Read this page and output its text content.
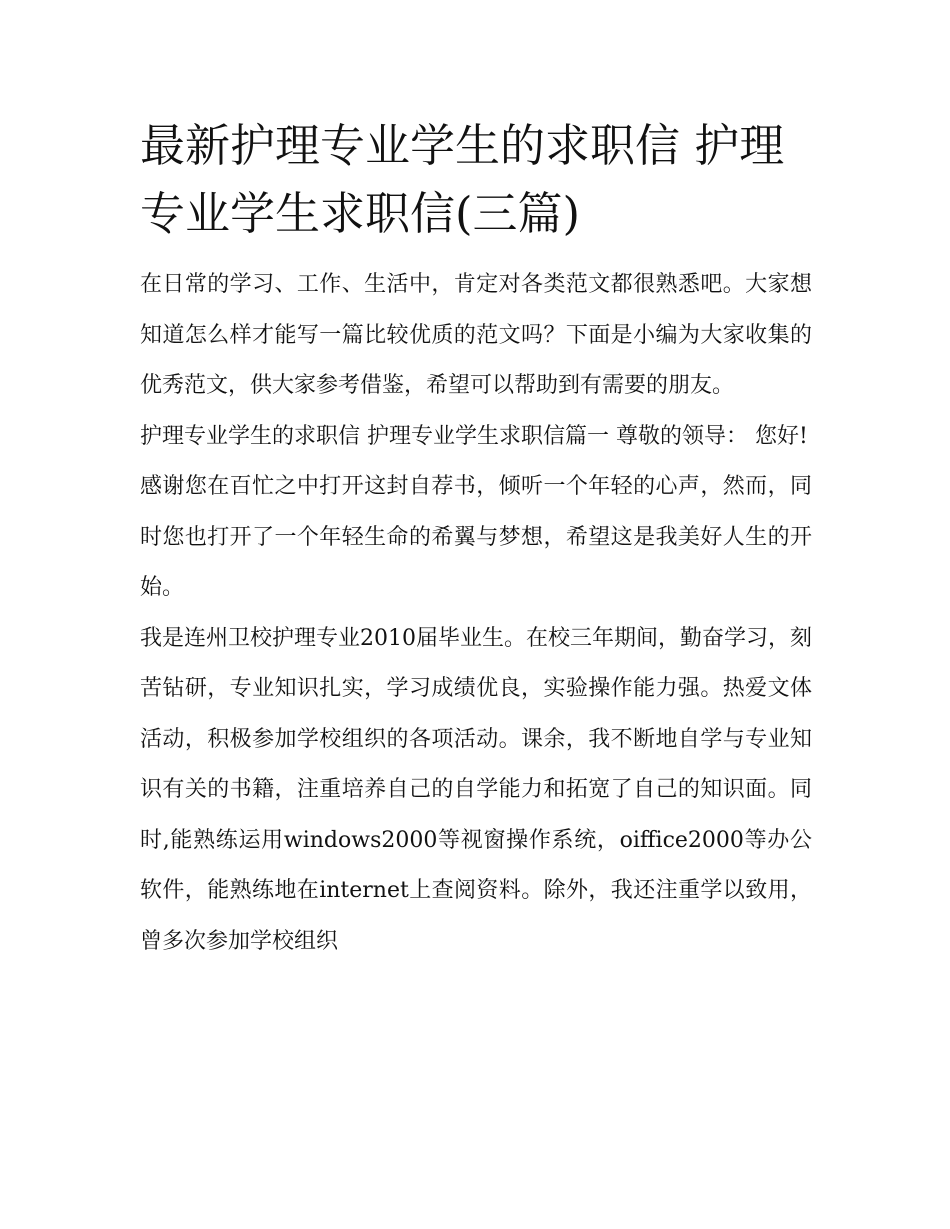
最新护理专业学生的求职信 护理专业学生求职信(三篇)

在日常的学习、工作、生活中，肯定对各类范文都很熟悉吧。大家想知道怎么样才能写一篇比较优质的范文吗？下面是小编为大家收集的优秀范文，供大家参考借鉴，希望可以帮助到有需要的朋友。

护理专业学生的求职信 护理专业学生求职信篇一 尊敬的领导： 您好!

感谢您在百忙之中打开这封自荐书，倾听一个年轻的心声，然而，同时您也打开了一个年轻生命的希翼与梦想，希望这是我美好人生的开始。

我是连州卫校护理专业2010届毕业生。在校三年期间，勤奋学习，刻苦钻研，专业知识扎实，学习成绩优良，实验操作能力强。热爱文体活动，积极参加学校组织的各项活动。课余，我不断地自学与专业知识有关的书籍，注重培养自己的自学能力和拓宽了自己的知识面。同时,能熟练运用windows2000等视窗操作系统，oiffice2000等办公软件，能熟练地在internet上查阅资料。除外，我还注重学以致用，曾多次参加学校组织
